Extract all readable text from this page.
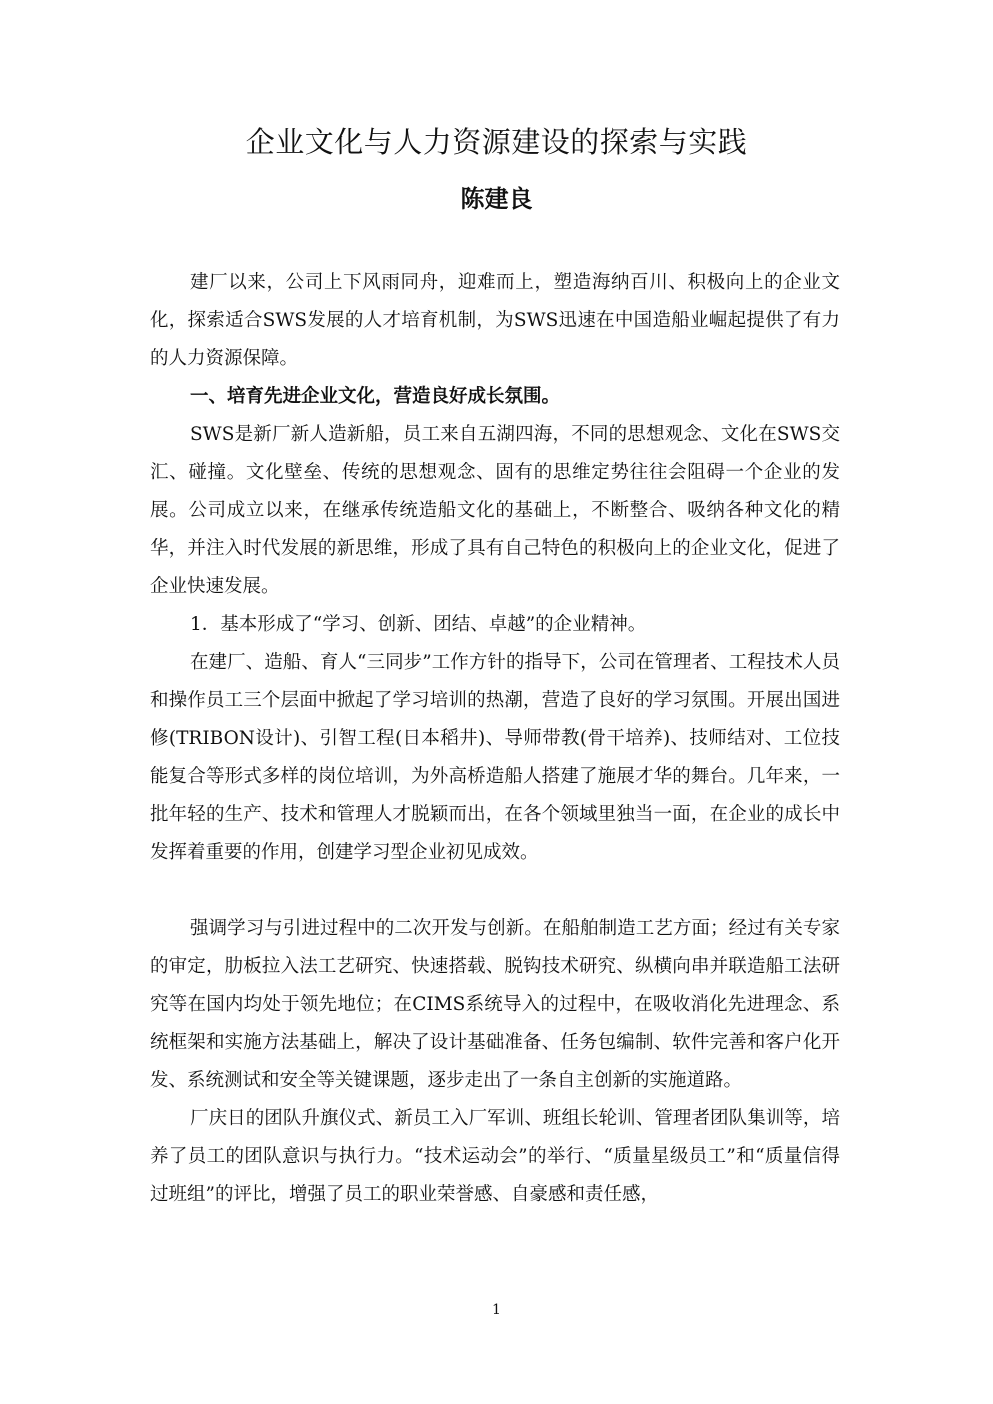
企业文化与人力资源建设的探索与实践
陈建良

建厂以来，公司上下风雨同舟，迎难而上，塑造海纳百川、积极向上的企业文化，探索适合SWS发展的人才培育机制，为SWS迅速在中国造船业崛起提供了有力的人力资源保障。

一、培育先进企业文化，营造良好成长氛围。

SWS是新厂新人造新船，员工来自五湖四海，不同的思想观念、文化在SWS交汇、碰撞。文化壁垒、传统的思想观念、固有的思维定势往往会阻碍一个企业的发展。公司成立以来，在继承传统造船文化的基础上，不断整合、吸纳各种文化的精华，并注入时代发展的新思维，形成了具有自己特色的积极向上的企业文化，促进了企业快速发展。

1．基本形成了“学习、创新、团结、卓越”的企业精神。

在建厂、造船、育人“三同步”工作方针的指导下，公司在管理者、工程技术人员和操作员工三个层面中掀起了学习培训的热潮，营造了良好的学习氛围。开展出国进修(TRIBON设计)、引智工程(日本稻井)、导师带教(骨干培养)、技师结对、工位技能复合等形式多样的岗位培训，为外高桥造船人搭建了施展才华的舞台。几年来，一批年轻的生产、技术和管理人才脱颖而出，在各个领域里独当一面，在企业的成长中发挥着重要的作用，创建学习型企业初见成效。

强调学习与引进过程中的二次开发与创新。在船舶制造工艺方面；经过有关专家的审定，肋板拉入法工艺研究、快速搭载、脱钩技术研究、纵横向串并联造船工法研究等在国内均处于领先地位；在CIMS系统导入的过程中，在吸收消化先进理念、系统框架和实施方法基础上，解决了设计基础准备、任务包编制、软件完善和客户化开发、系统测试和安全等关键课题，逐步走出了一条自主创新的实施道路。

厂庆日的团队升旗仪式、新员工入厂军训、班组长轮训、管理者团队集训等，培养了员工的团队意识与执行力。“技术运动会”的举行、“质量星级员工”和“质量信得过班组”的评比，增强了员工的职业荣誉感、自豪感和责任感，

1
